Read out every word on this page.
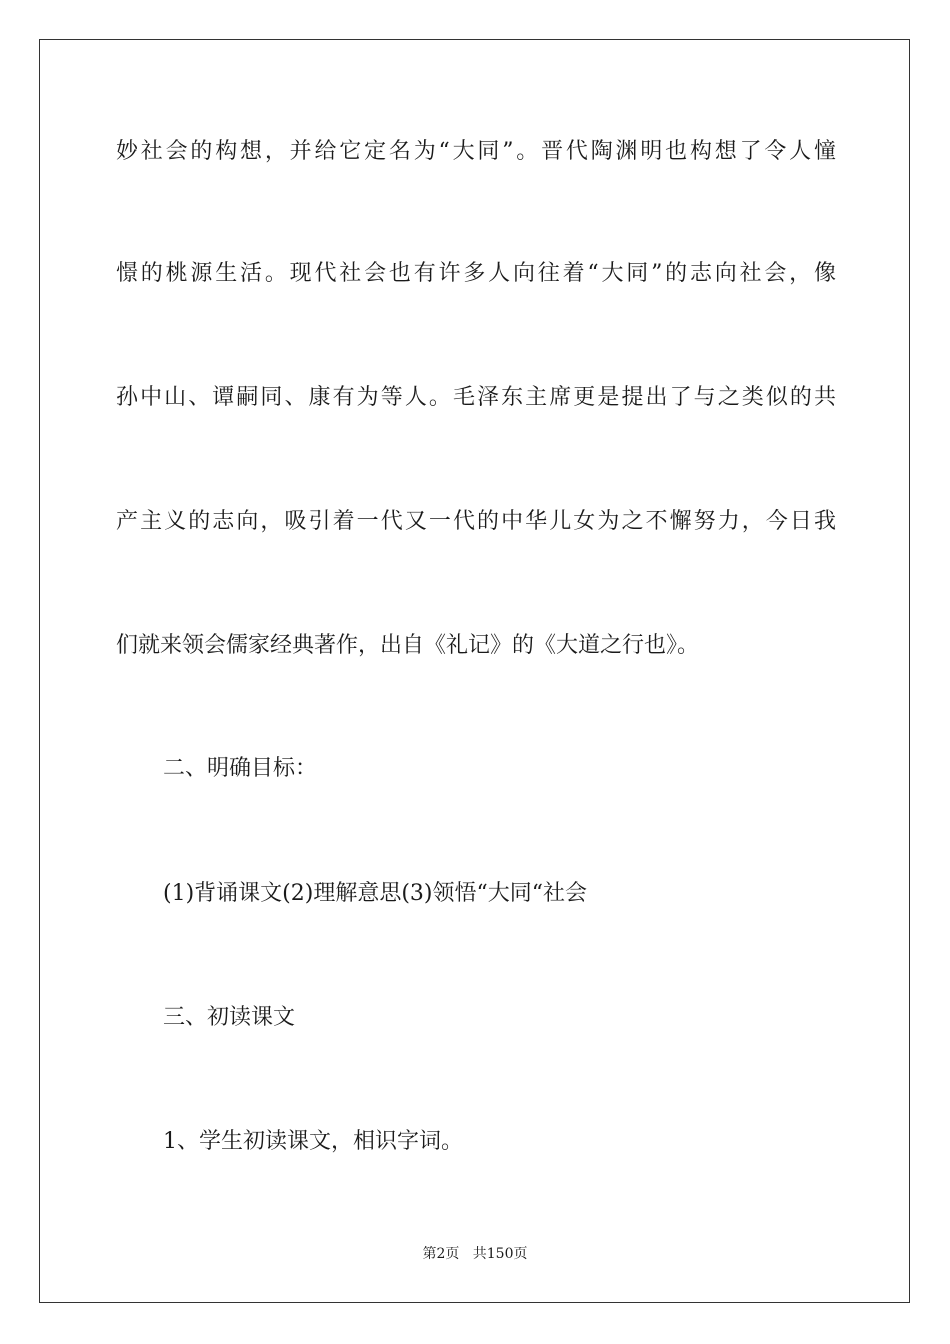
妙社会的构想，并给它定名为“大同”。晋代陶渊明也构想了令人憧
憬的桃源生活。现代社会也有许多人向往着“大同”的志向社会，像
孙中山、谭嗣同、康有为等人。毛泽东主席更是提出了与之类似的共
产主义的志向，吸引着一代又一代的中华儿女为之不懈努力，今日我
们就来领会儒家经典著作，出自《礼记》的《大道之行也》。
二、明确目标：
(1)背诵课文(2)理解意思(3)领悟“大同“社会
三、初读课文
1、学生初读课文，相识字词。
第2页   共150页
